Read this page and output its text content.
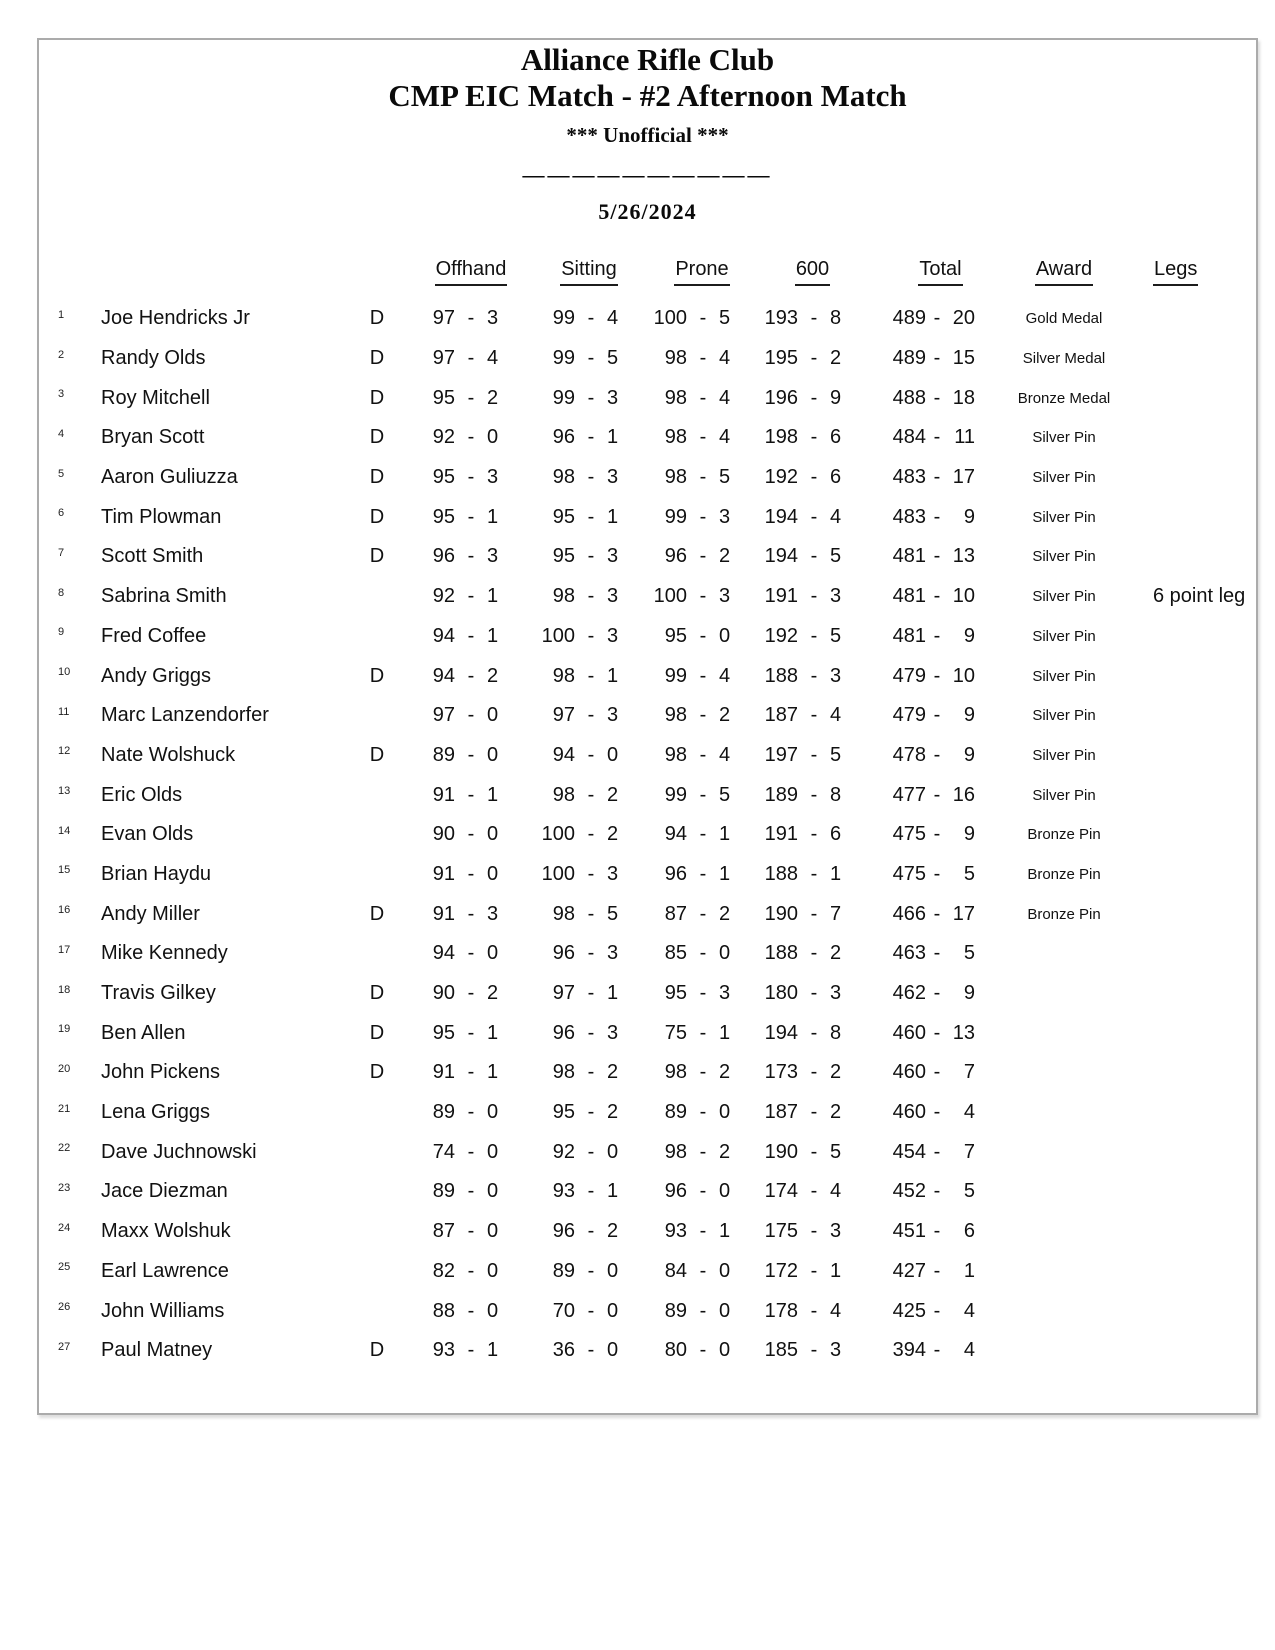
Alliance Rifle Club
CMP EIC Match - #2 Afternoon Match
*** Unofficial ***
——————————
5/26/2024
Offhand	Sitting	Prone	600	Total	Award	Legs
1	Joe Hendricks Jr	D	97 - 3	99 - 4	100 - 5	193 - 8	489 - 20	Gold Medal
2	Randy Olds	D	97 - 4	99 - 5	98 - 4	195 - 2	489 - 15	Silver Medal
3	Roy Mitchell	D	95 - 2	99 - 3	98 - 4	196 - 9	488 - 18	Bronze Medal
4	Bryan Scott	D	92 - 0	96 - 1	98 - 4	198 - 6	484 - 11	Silver Pin
5	Aaron Guliuzza	D	95 - 3	98 - 3	98 - 5	192 - 6	483 - 17	Silver Pin
6	Tim Plowman	D	95 - 1	95 - 1	99 - 3	194 - 4	483 -	9	Silver Pin
7	Scott Smith	D	96 - 3	95 - 3	96 - 2	194 - 5	481 - 13	Silver Pin
8	Sabrina Smith	92 - 1	98 - 3	100 - 3	191 - 3	481 - 10	Silver Pin	6 point leg
9	Fred Coffee	94 - 1	100 - 3	95 - 0	192 - 5	481 -	9	Silver Pin
10	Andy Griggs	D	94 - 2	98 - 1	99 - 4	188 - 3	479 - 10	Silver Pin
11	Marc Lanzendorfer	97 - 0	97 - 3	98 - 2	187 - 4	479 -	9	Silver Pin
12	Nate Wolshuck	D	89 - 0	94 - 0	98 - 4	197 - 5	478 -	9	Silver Pin
13	Eric Olds	91 - 1	98 - 2	99 - 5	189 - 8	477 - 16	Silver Pin
14	Evan Olds	90 - 0	100 - 2	94 - 1	191 - 6	475 -	9	Bronze Pin
15	Brian Haydu	91 - 0	100 - 3	96 - 1	188 - 1	475 -	5	Bronze Pin
16	Andy Miller	D	91 - 3	98 - 5	87 - 2	190 - 7	466 - 17	Bronze Pin
17	Mike Kennedy	94 - 0	96 - 3	85 - 0	188 - 2	463 -	5
18	Travis Gilkey	D	90 - 2	97 - 1	95 - 3	180 - 3	462 -	9
19	Ben Allen	D	95 - 1	96 - 3	75 - 1	194 - 8	460 - 13
20	John Pickens	D	91 - 1	98 - 2	98 - 2	173 - 2	460 -	7
21	Lena Griggs	89 - 0	95 - 2	89 - 0	187 - 2	460 -	4
22	Dave Juchnowski	74 - 0	92 - 0	98 - 2	190 - 5	454 -	7
23	Jace Diezman	89 - 0	93 - 1	96 - 0	174 - 4	452 -	5
24	Maxx Wolshuk	87 - 0	96 - 2	93 - 1	175 - 3	451 -	6
25	Earl Lawrence	82 - 0	89 - 0	84 - 0	172 - 1	427 -	1
26	John Williams	88 - 0	70 - 0	89 - 0	178 - 4	425 -	4
27	Paul Matney	D	93 - 1	36 - 0	80 - 0	185 - 3	394 -	4
